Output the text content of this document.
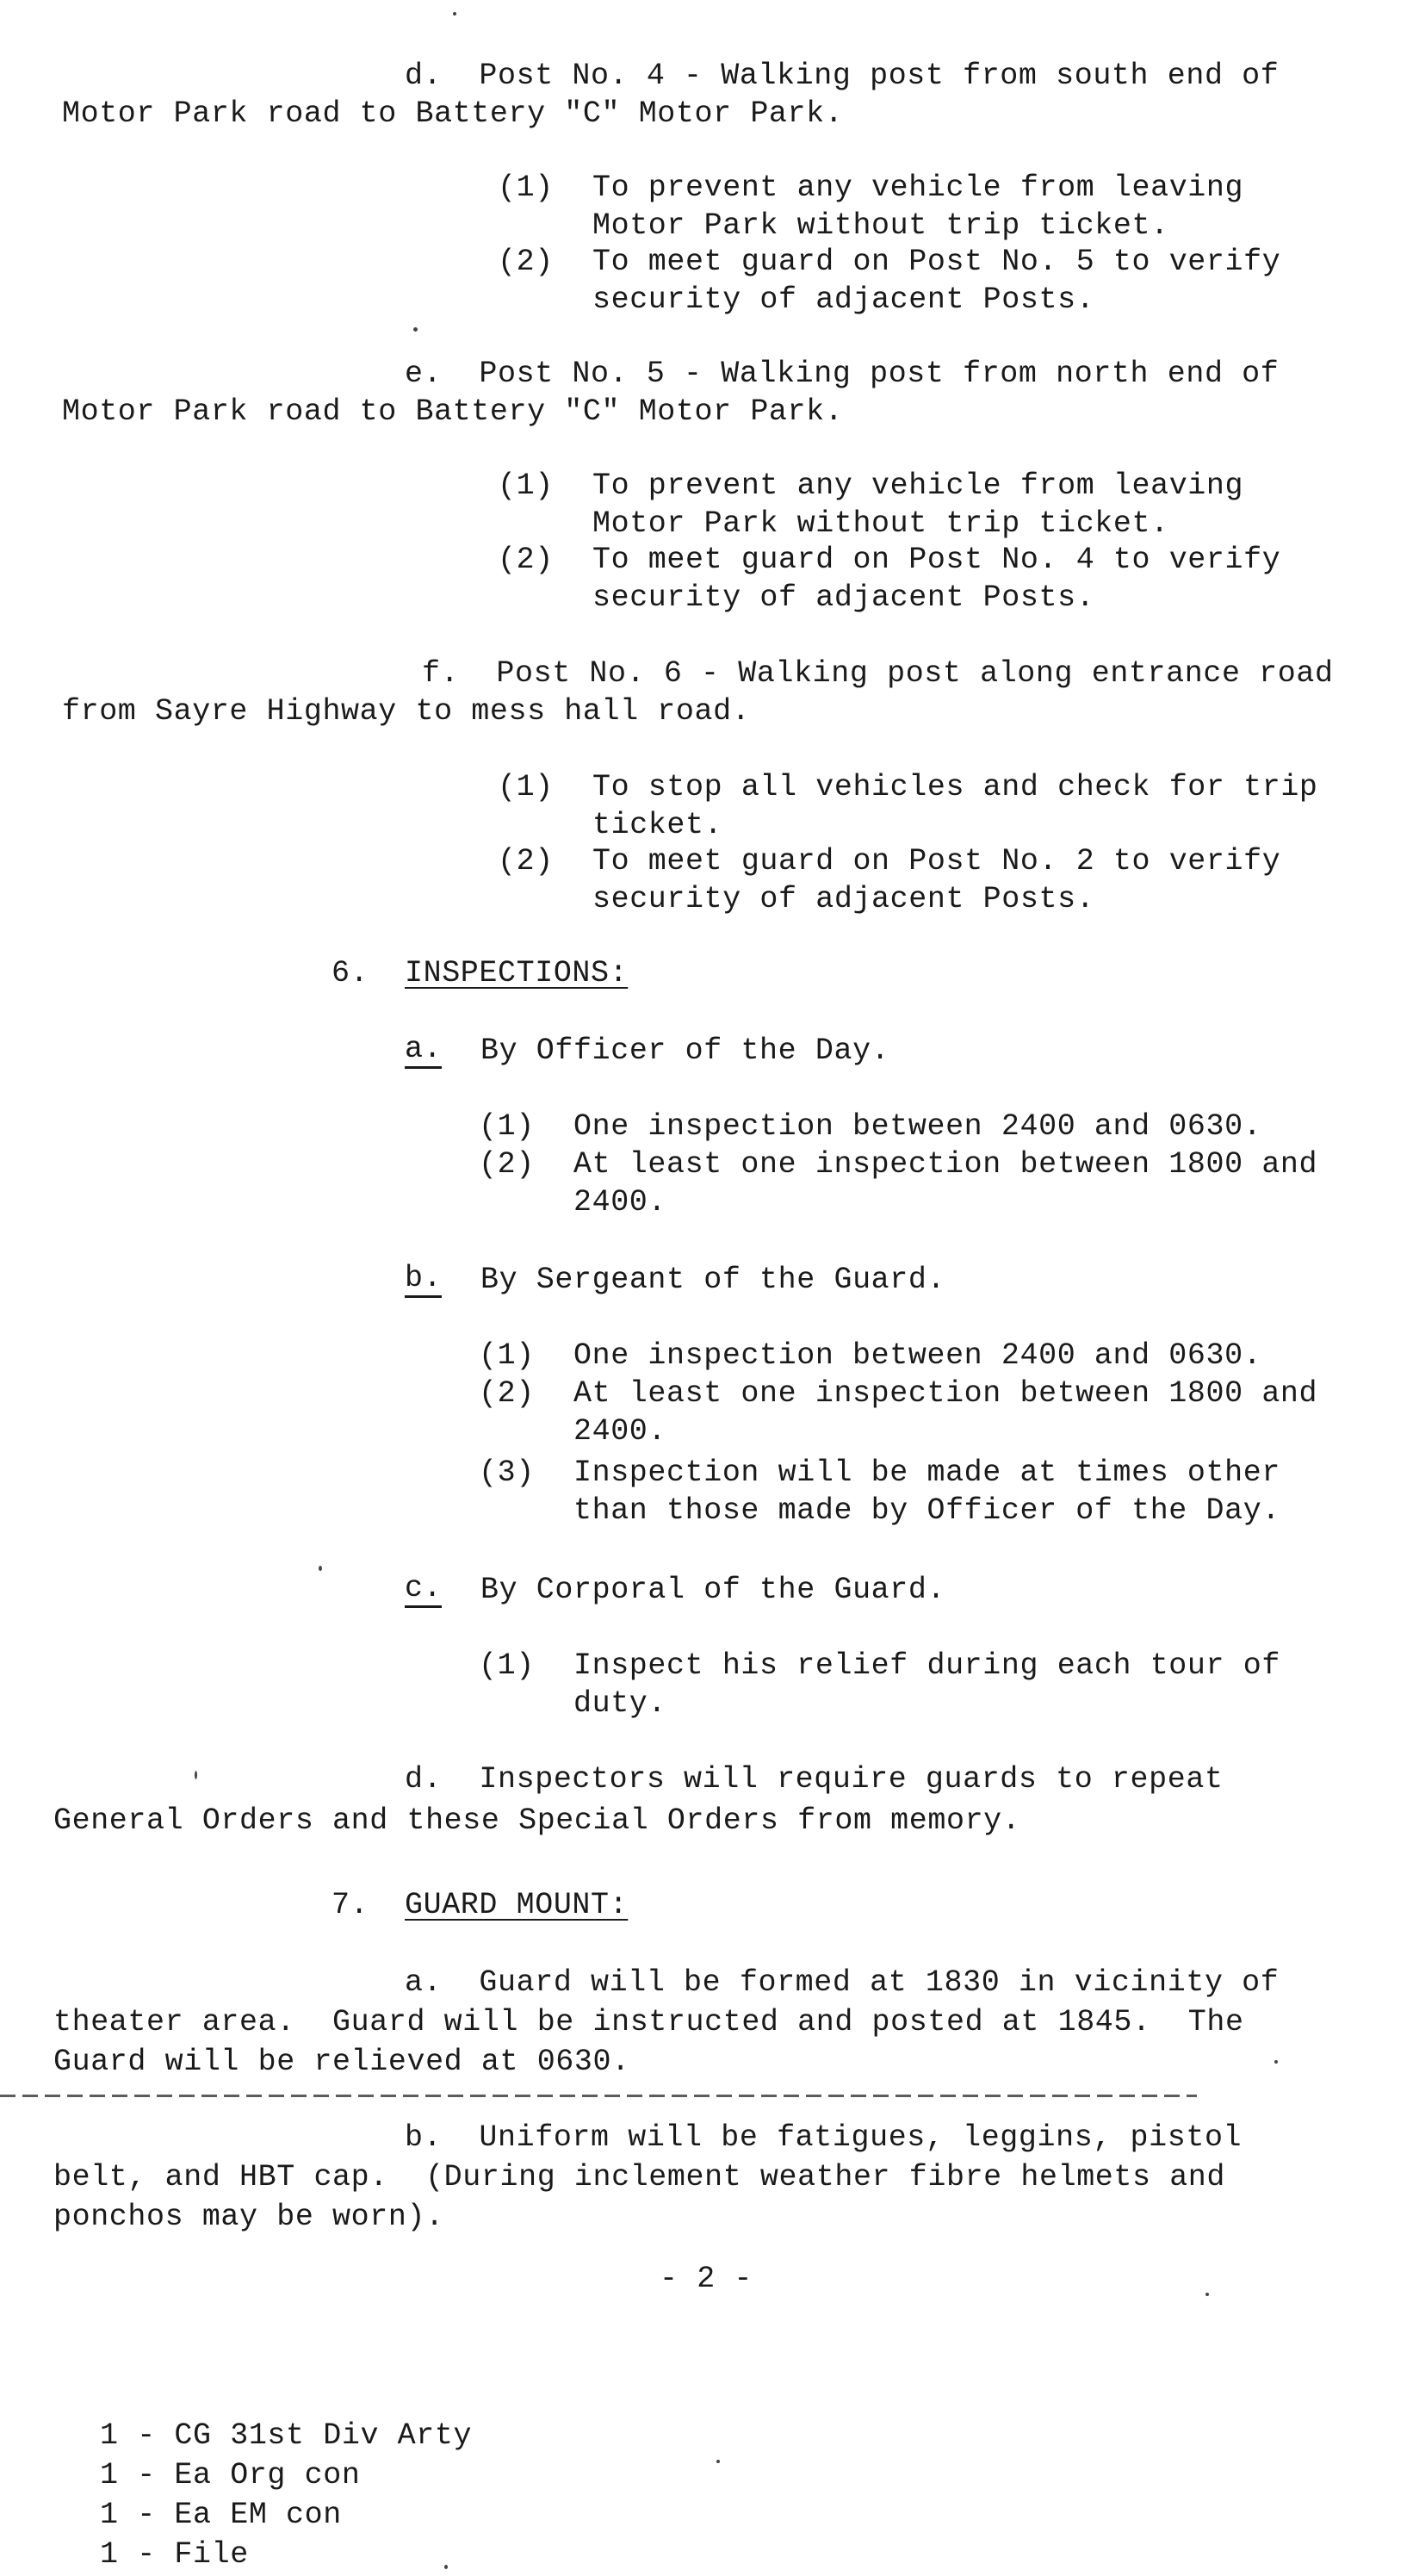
d.  Post No. 4 - Walking post from south end of
Motor Park road to Battery "C" Motor Park.
(1) To prevent any vehicle from leaving
Motor Park without trip ticket.
(2) To meet guard on Post No. 5 to verify
security of adjacent Posts.
e.  Post No. 5 - Walking post from north end of
Motor Park road to Battery "C" Motor Park.
(1) To prevent any vehicle from leaving
Motor Park without trip ticket.
(2) To meet guard on Post No. 4 to verify
security of adjacent Posts.
f.  Post No. 6 - Walking post along entrance road
from Sayre Highway to mess hall road.
(1) To stop all vehicles and check for trip
ticket.
(2) To meet guard on Post No. 2 to verify
security of adjacent Posts.
6. INSPECTIONS:
a. By Officer of the Day.
(1) One inspection between 2400 and 0630.
(2) At least one inspection between 1800 and
2400.
b. By Sergeant of the Guard.
(1) One inspection between 2400 and 0630.
(2) At least one inspection between 1800 and
2400.
(3) Inspection will be made at times other
than those made by Officer of the Day.
c. By Corporal of the Guard.
(1) Inspect his relief during each tour of
duty.
d.  Inspectors will require guards to repeat
General Orders and these Special Orders from memory.
7. GUARD MOUNT:
a.  Guard will be formed at 1830 in vicinity of
theater area.  Guard will be instructed and posted at 1845.  The
Guard will be relieved at 0630.
b.  Uniform will be fatigues, leggins, pistol
belt, and HBT cap.  (During inclement weather fibre helmets and
ponchos may be worn).
- 2 -
1 - CG 31st Div Arty
1 - Ea Org con
1 - Ea EM con
1 - File
